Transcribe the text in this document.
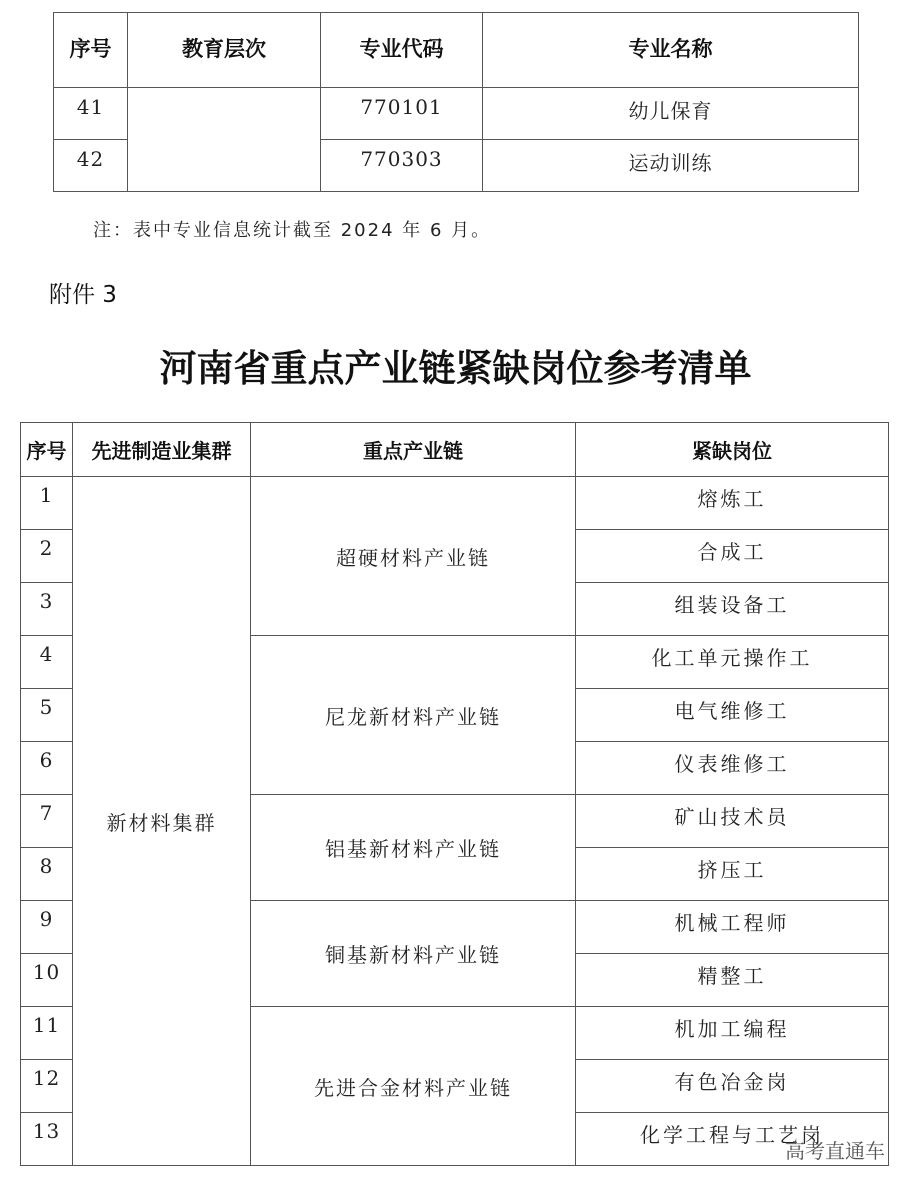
序号	教育层次	专业代码	专业名称
41		770101	幼儿保育
42		770303	运动训练
注：表中专业信息统计截至 2024 年 6 月。
附件 3
河南省重点产业链紧缺岗位参考清单
序号	先进制造业集群	重点产业链	紧缺岗位
1	新材料集群	超硬材料产业链	熔炼工
2			合成工
3			组装设备工
4		尼龙新材料产业链	化工单元操作工
5			电气维修工
6			仪表维修工
7		铝基新材料产业链	矿山技术员
8			挤压工
9		铜基新材料产业链	机械工程师
10			精整工
11		先进合金材料产业链	机加工编程
12			有色冶金岗
13			化学工程与工艺岗
高考直通车
